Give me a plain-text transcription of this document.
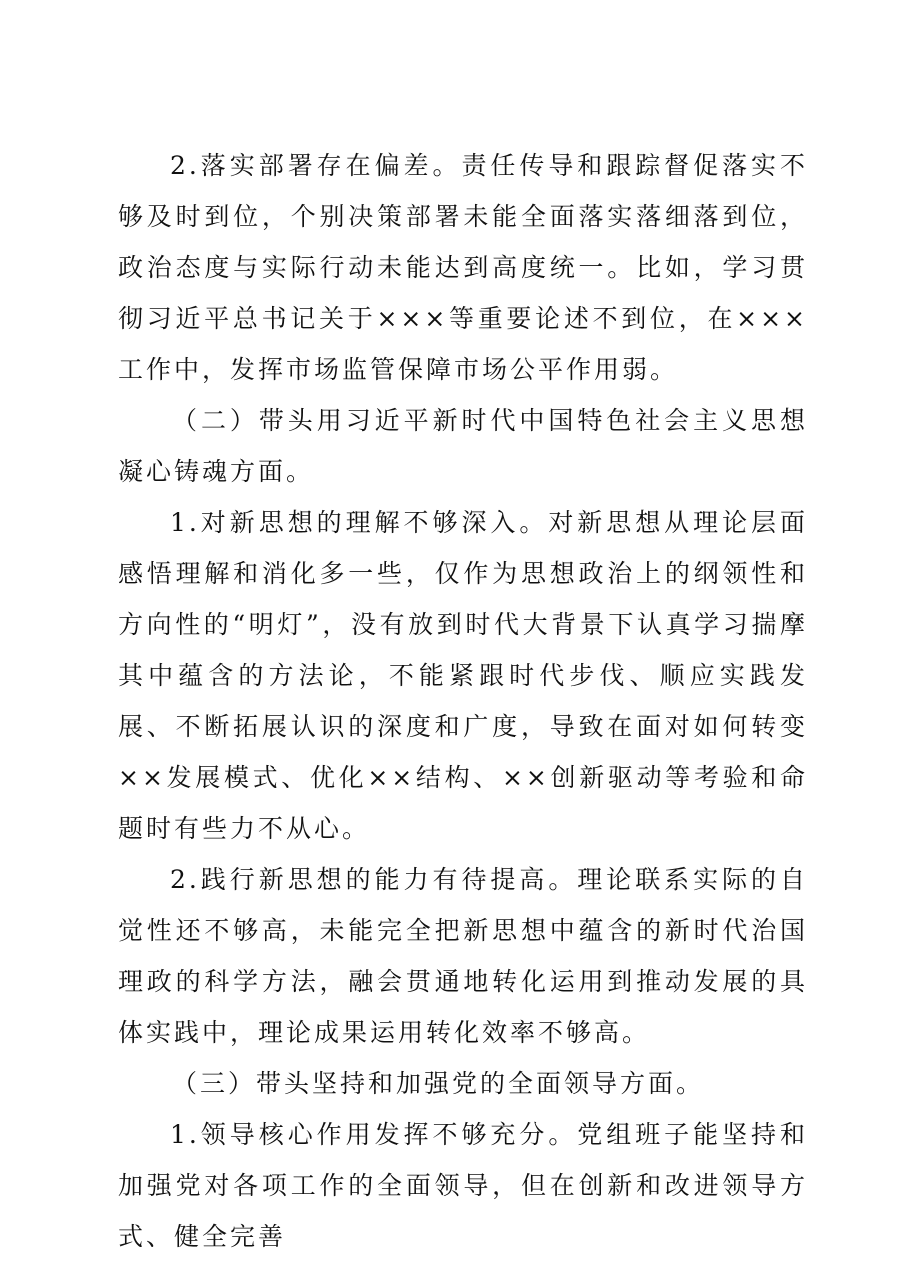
2.落实部署存在偏差。责任传导和跟踪督促落实不够及时到位，个别决策部署未能全面落实落细落到位，政治态度与实际行动未能达到高度统一。比如，学习贯彻习近平总书记关于×××等重要论述不到位，在×××工作中，发挥市场监管保障市场公平作用弱。

（二）带头用习近平新时代中国特色社会主义思想凝心铸魂方面。

1.对新思想的理解不够深入。对新思想从理论层面感悟理解和消化多一些，仅作为思想政治上的纲领性和方向性的“明灯”，没有放到时代大背景下认真学习揣摩其中蕴含的方法论，不能紧跟时代步伐、顺应实践发展、不断拓展认识的深度和广度，导致在面对如何转变××发展模式、优化××结构、××创新驱动等考验和命题时有些力不从心。

2.践行新思想的能力有待提高。理论联系实际的自觉性还不够高，未能完全把新思想中蕴含的新时代治国理政的科学方法，融会贯通地转化运用到推动发展的具体实践中，理论成果运用转化效率不够高。

（三）带头坚持和加强党的全面领导方面。

1.领导核心作用发挥不够充分。党组班子能坚持和加强党对各项工作的全面领导，但在创新和改进领导方式、健全完善
